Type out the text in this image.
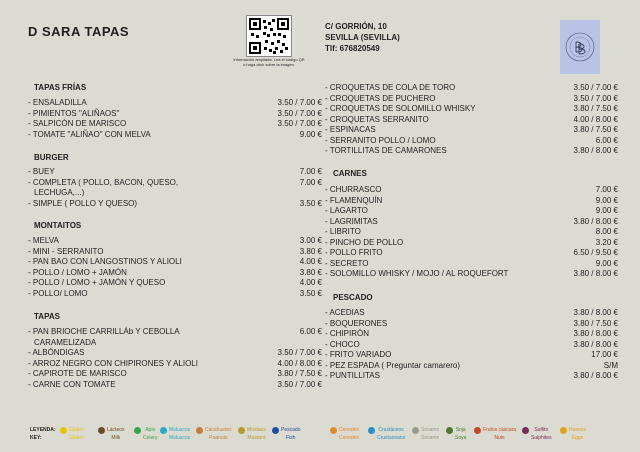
D SARA TAPAS
Información ampliada. Lea el código QR o haga click sobre la imagen.
C/ GORRIÓN, 10
SEVILLA (SEVILLA)
Tlf: 676820549
TAPAS FRÍAS
- ENSALADILLA	3.50 / 7.00 €
- PIMIENTOS "ALIÑAOS"	3.50 / 7.00 €
- SALPICÓN DE MARISCO	3.50 / 7.00 €
- TOMATE "ALIÑAO" CON MELVA	9.00 €
BURGER
- BUEY	7.00 €
- COMPLETA ( POLLO, BACON, QUESO,	7.00 €
LECHUGA,...)
- SIMPLE ( POLLO Y QUESO)	3.50 €
MONTAITOS
- MELVA	3.00 €
- MINI - SERRANITO	3.80 €
- PAN BAO CON LANGOSTINOS Y ALIOLI	4.00 €
- POLLO / LOMO + JAMÓN	3.80 €
- POLLO / LOMO + JAMÓN Y QUESO	4.00 €
- POLLO/ LOMO	3.50 €
TAPAS
- PAN BRIOCHE CARRILLÁb Y CEBOLLA	6.00 €
CARAMELIZADA
- ALBÓNDIGAS	3.50 / 7.00 €
- ARROZ NEGRO CON CHIPIRONES Y ALIOLI	4.00 / 8.00 €
- CAPIROTE DE MARISCO	3.80 / 7.50 €
- CARNE CON TOMATE	3.50 / 7.00 €
- CROQUETAS DE COLA DE TORO	3.50 / 7.00 €
- CROQUETAS DE PUCHERO	3.50 / 7.00 €
- CROQUETAS DE SOLOMILLO WHISKY	3.80 / 7.50 €
- CROQUETAS SERRANITO	4.00 / 8.00 €
- ESPINACAS	3.80 / 7.50 €
- SERRANITO POLLO / LOMO	6.00 €
- TORTILLITAS DE CAMARONES	3.80 / 8.00 €
CARNES
- CHURRASCO	7.00 €
- FLAMENQUÍN	9.00 €
- LAGARTO	9.00 €
- LAGRIMITAS	3.80 / 8.00 €
- LIBRITO	8.00 €
- PINCHO DE POLLO	3.20 €
- POLLO FRITO	6.50 / 9.50 €
- SECRETO	9.00 €
- SOLOMILLO WHISKY / MOJO / AL ROQUEFORT	3.80 / 8.00 €
PESCADO
- ACEDIAS	3.80 / 8.00 €
- BOQUERONES	3.80 / 7.50 €
- CHIPIRÓN	3.80 / 8.00 €
- CHOCO	3.80 / 8.00 €
- FRITO VARIADO	17.00 €
- PEZ ESPADA ( Preguntar camarero)	S/M
- PUNTILLITAS	3.80 / 8.00 €
LEYENDA:
KEY:
Gluten
Gluten
Lácteos
Milk
Apio
Celery
Moluscos
Moluscos
Cacahuetes
Peanuts
Mostaza
Mustard
Pescado
Fish
Cereales
Cereales
Crustáceos
Crustaceans
Sésamo
Sesame
Soja
Soya
Frutos cáscara
Nuts
Sulfito
Sulphites
Huevos
Eggs
